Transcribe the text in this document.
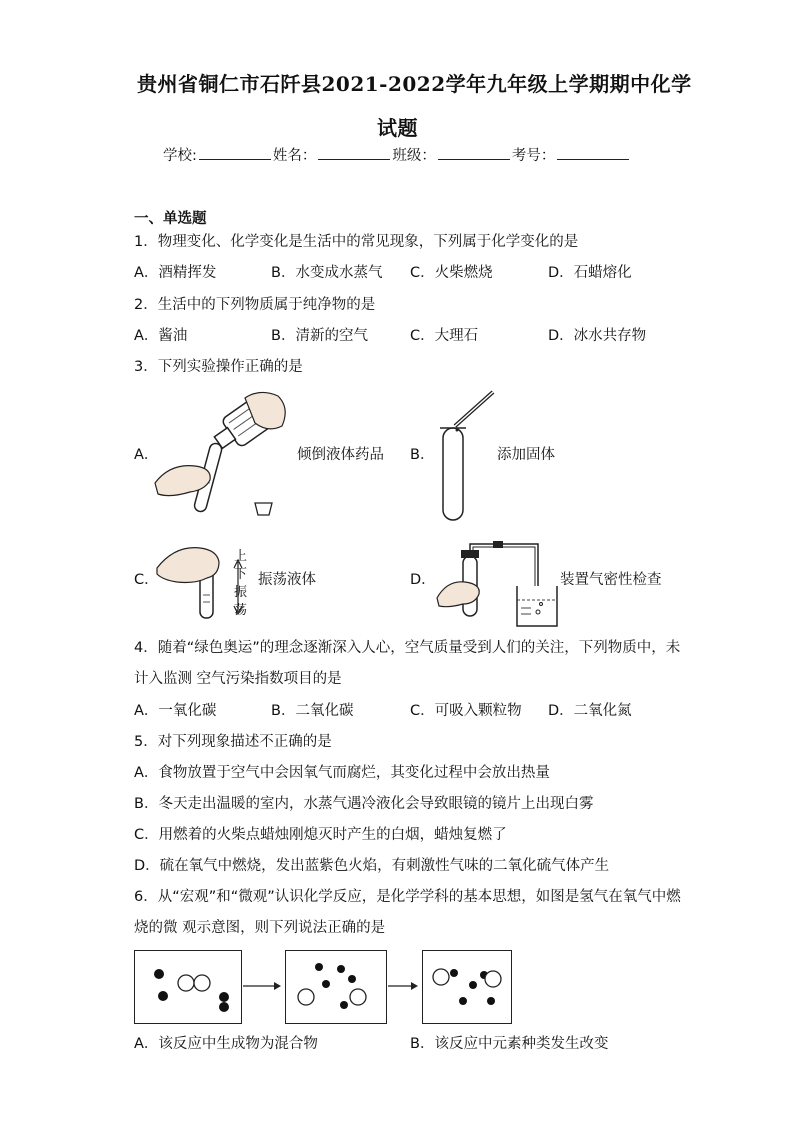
贵州省铜仁市石阡县2021-2022学年九年级上学期期中化学
试题
学校:	姓名：	班级：	考号：
一、单选题
1．物理变化、化学变化是生活中的常见现象，下列属于化学变化的是
A．酒精挥发	B．水变成水蒸气 C．火柴燃烧	D．石蜡熔化
2．生活中的下列物质属于纯净物的是
A．酱油	B．清新的空气	C．大理石	D．冰水共存物
3．下列实验操作正确的是
A．	倾倒液体药品 B．	添加固体
C．
上
下
振
荡
振荡液体	D．	装置气密性检查
4．随着“绿色奥运”的理念逐渐深入人心，空气质量受到人们的关注，下列物质中，未
计入监测 空气污染指数项目的是
A．一氧化碳	B．二氧化碳	C．可吸入颗粒物 D．二氧化氮
5．对下列现象描述不正确的是
A．食物放置于空气中会因氧气而腐烂，其变化过程中会放出热量
B．冬天走出温暖的室内，水蒸气遇冷液化会导致眼镜的镜片上出现白雾
C．用燃着的火柴点蜡烛刚熄灭时产生的白烟，蜡烛复燃了
D．硫在氧气中燃烧，发出蓝紫色火焰，有刺激性气味的二氧化硫气体产生
6．从“宏观”和“微观”认识化学反应，是化学学科的基本思想，如图是氢气在氧气中燃
烧的微 观示意图，则下列说法正确的是
A．该反应中生成物为混合物	B．该反应中元素种类发生改变
